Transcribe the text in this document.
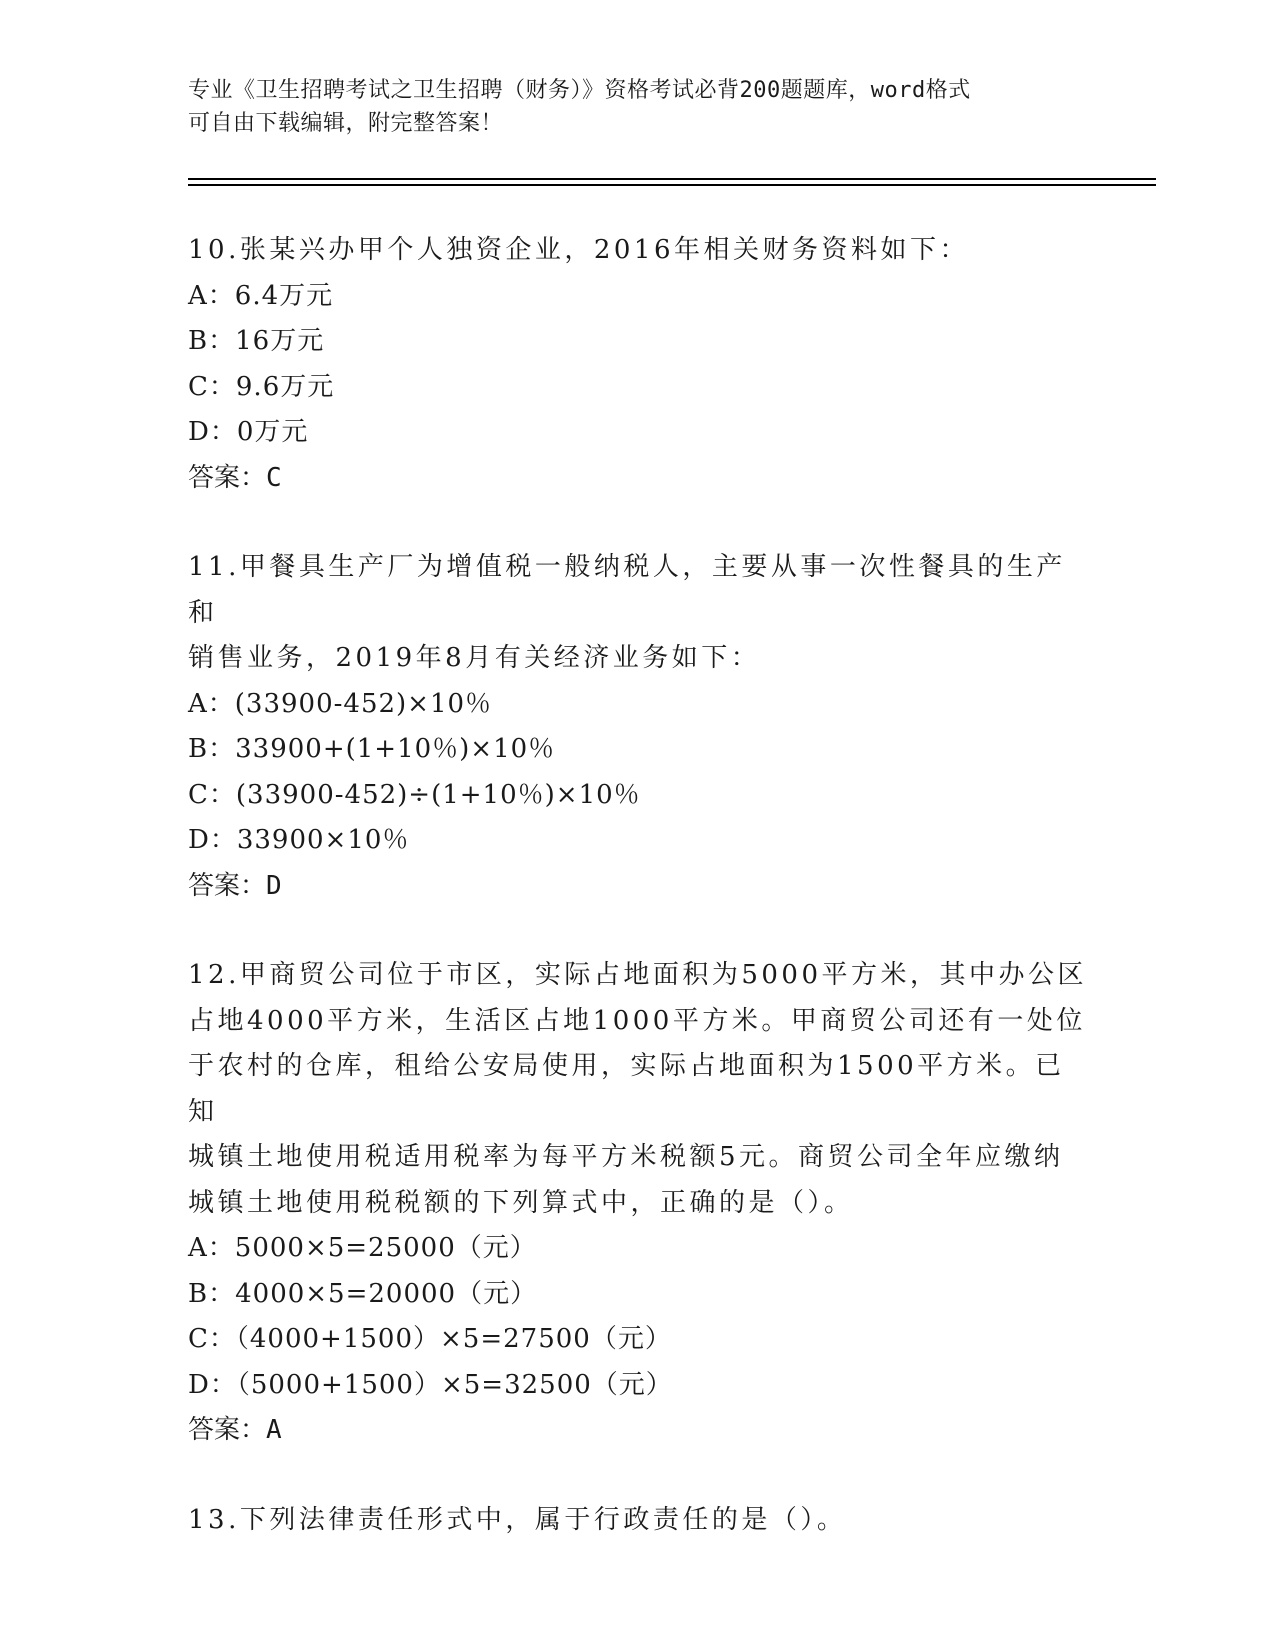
专业《卫生招聘考试之卫生招聘（财务）》资格考试必背200题题库，word格式
可自由下载编辑，附完整答案！
10.张某兴办甲个人独资企业，2016年相关财务资料如下：
A：6.4万元
B：16万元
C：9.6万元
D：0万元
答案：C
11.甲餐具生产厂为增值税一般纳税人，主要从事一次性餐具的生产和
销售业务，2019年8月有关经济业务如下：
A：(33900-452)×10％
B：33900+(1+10％)×10％
C：(33900-452)÷(1+10％)×10％
D：33900×10％
答案：D
12.甲商贸公司位于市区，实际占地面积为5000平方米，其中办公区
占地4000平方米，生活区占地1000平方米。甲商贸公司还有一处位
于农村的仓库，租给公安局使用，实际占地面积为1500平方米。已知
城镇土地使用税适用税率为每平方米税额5元。商贸公司全年应缴纳
城镇土地使用税税额的下列算式中，正确的是（）。
A：5000×5=25000（元）
B：4000×5=20000（元）
C：（4000+1500）×5=27500（元）
D：（5000+1500）×5=32500（元）
答案：A
13.下列法律责任形式中，属于行政责任的是（）。
